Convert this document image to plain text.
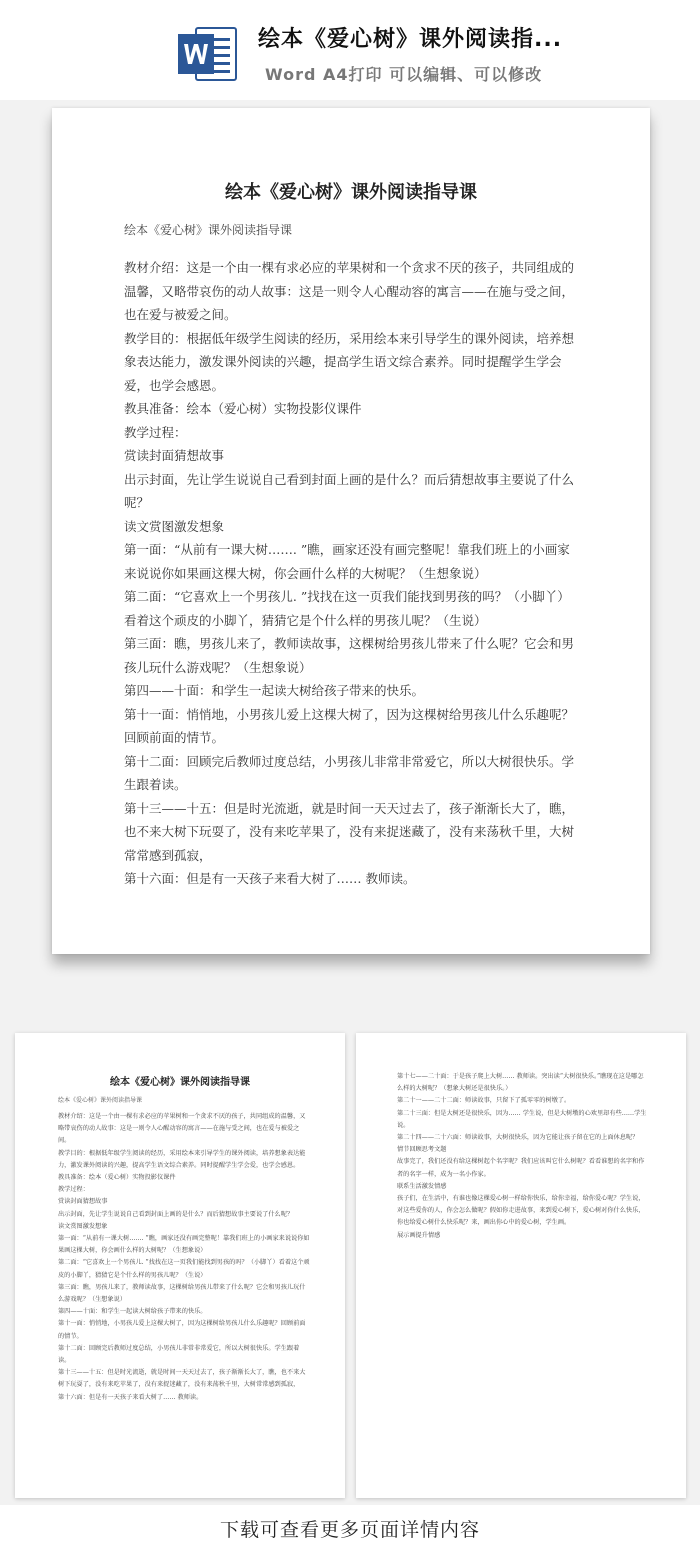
绘本《爱心树》课外阅读指...
Word A4打印 可以编辑、可以修改
绘本《爱心树》课外阅读指导课
绘本《爱心树》课外阅读指导课

教材介绍：这是一个由一棵有求必应的苹果树和一个贪求不厌的孩子，共同组成的温馨，又略带哀伤的动人故事：这是一则令人心醒动容的寓言——在施与受之间，也在爱与被爱之间。

教学目的：根据低年级学生阅读的经历，采用绘本来引导学生的课外阅读，培养想象表达能力，激发课外阅读的兴趣，提高学生语文综合素养。同时提醒学生学会爱，也学会感恩。

教具准备：绘本（爱心树）实物投影仪课件

教学过程：

赏读封面猜想故事

出示封面，先让学生说说自己看到封面上画的是什么？而后猜想故事主要说了什么呢？

读文赏图激发想象

第一面：“从前有一课大树……. ”瞧，画家还没有画完整呢！靠我们班上的小画家来说说你如果画这棵大树，你会画什么样的大树呢？（生想象说）

第二面：“它喜欢上一个男孩儿. ”找找在这一页我们能找到男孩的吗？（小脚丫）看着这个顽皮的小脚丫，猜猜它是个什么样的男孩儿呢？（生说）

第三面：瞧，男孩儿来了，教师读故事，这棵树给男孩儿带来了什么呢？它会和男孩儿玩什么游戏呢？（生想象说）

第四——十面：和学生一起读大树给孩子带来的快乐。

第十一面：悄悄地，小男孩儿爱上这棵大树了，因为这棵树给男孩儿什么乐趣呢？回顾前面的情节。

第十二面：回顾完后教师过度总结，小男孩儿非常非常爱它，所以大树很快乐。学生跟着读。

第十三——十五：但是时光流逝，就是时间一天天过去了，孩子渐渐长大了，瞧，也不来大树下玩耍了，没有来吃苹果了，没有来捉迷藏了，没有来荡秋千里，大树常常感到孤寂，

第十六面：但是有一天孩子来看大树了…… 教师读。

绘本《爱心树》课外阅读指导课
绘本《爱心树》课外阅读指导课

教材介绍：这是一个由一棵有求必应的苹果树和一个贪求不厌的孩子，共同组成的温馨，又略带哀伤的动人故事：这是一则令人心醒动容的寓言——在施与受之间，也在爱与被爱之间。

教学目的：根据低年级学生阅读的经历，采用绘本来引导学生的课外阅读，培养想象表达能力，激发课外阅读的兴趣，提高学生语文综合素养。同时提醒学生学会爱，也学会感恩。

教具准备：绘本（爱心树）实物投影仪课件

教学过程：

赏读封面猜想故事

出示封面，先让学生说说自己看到封面上画的是什么？而后猜想故事主要说了什么呢？

读文赏图激发想象

第一面：“从前有一课大树……. ”瞧，画家还没有画完整呢！靠我们班上的小画家来说说你如果画这棵大树，你会画什么样的大树呢？（生想象说）

第二面：“它喜欢上一个男孩儿. ”找找在这一页我们能找到男孩的吗？（小脚丫）看着这个顽皮的小脚丫，猜猜它是个什么样的男孩儿呢？（生说）

第三面：瞧，男孩儿来了，教师读故事，这棵树给男孩儿带来了什么呢？它会和男孩儿玩什么游戏呢？（生想象说）

第四——十面：和学生一起读大树给孩子带来的快乐。

第十一面：悄悄地，小男孩儿爱上这棵大树了，因为这棵树给男孩儿什么乐趣呢？回顾前面的情节。

第十二面：回顾完后教师过度总结，小男孩儿非常非常爱它，所以大树很快乐。学生跟着读。

第十三——十五：但是时光流逝，就是时间一天天过去了，孩子渐渐长大了，瞧，也不来大树下玩耍了，没有来吃苹果了，没有来捉迷藏了，没有来荡秋千里，大树常常感到孤寂，

第十六面：但是有一天孩子来看大树了…… 教师读。

第十七——二十面：于是孩子爬上大树…… 教师读。突出读“大树很快乐。”瞧现在这是哪怎么样的大树呢？（想象大树还是很快乐。）

第二十一——二十二面：师读故事，只留下了孤零零的树墩了。

第二十三面：但是大树还是很快乐，因为…… 学生说，但是大树墩的心欢里却有些……学生说。

第二十四——二十六面：师读故事，大树很快乐，因为它能让孩子留在它的上面休息呢？

情节回顾思考文题

故事完了，我们还没有给这棵树起个名字呢？我们应该叫它什么树呢？看看谁想的名字和作者的名字一样，成为一名小作家。

联系生活激发情感

孩子们，在生活中，有谁也像这棵爱心树一样给你快乐，给你幸福，给你爱心呢？学生说，对这些爱你的人，你会怎么做呢？假如你走进故事，来到爱心树下，爱心树对你什么快乐，你也给爱心树什么快乐呢？来，画出你心中的爱心树，学生画。

展示画提升情感

下载可查看更多页面详情内容
